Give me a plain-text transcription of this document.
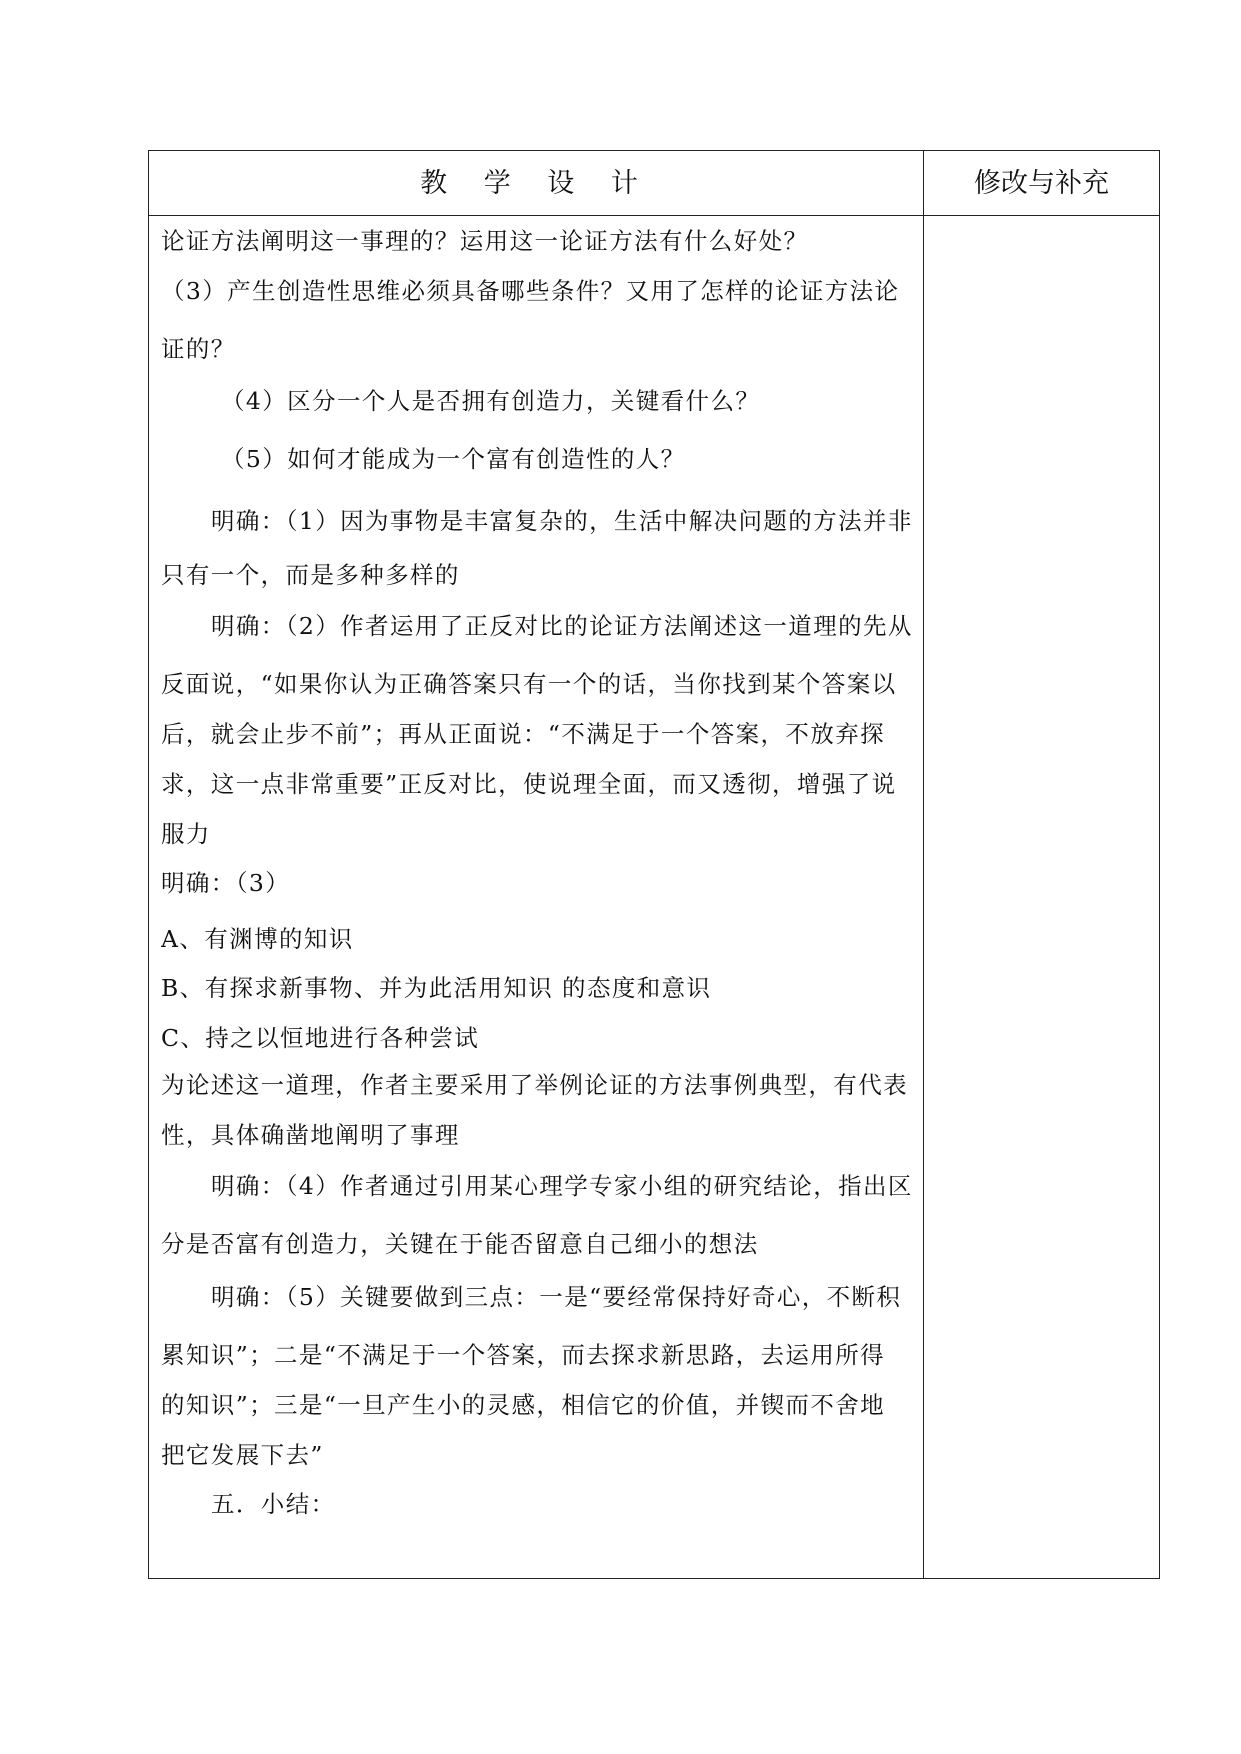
教 学 设 计	修改与补充
论证方法阐明这一事理的？运用这一论证方法有什么好处？
（3）产生创造性思维必须具备哪些条件？又用了怎样的论证方法论
证的？
（4）区分一个人是否拥有创造力，关键看什么？
（5）如何才能成为一个富有创造性的人？
明确：（1）因为事物是丰富复杂的，生活中解决问题的方法并非
只有一个，而是多种多样的
明确：（2）作者运用了正反对比的论证方法阐述这一道理的先从
反面说，“如果你认为正确答案只有一个的话，当你找到某个答案以
后，就会止步不前”；再从正面说：“不满足于一个答案，不放弃探
求，这一点非常重要”正反对比，使说理全面，而又透彻，增强了说
服力
明确：（3）
A、有渊博的知识
B、有探求新事物、并为此活用知识 的态度和意识
C、持之以恒地进行各种尝试
为论述这一道理，作者主要采用了举例论证的方法事例典型，有代表
性，具体确凿地阐明了事理
明确：（4）作者通过引用某心理学专家小组的研究结论，指出区
分是否富有创造力，关键在于能否留意自己细小的想法
明确：（5）关键要做到三点：一是“要经常保持好奇心，不断积
累知识”；二是“不满足于一个答案，而去探求新思路，去运用所得
的知识”；三是“一旦产生小的灵感，相信它的价值，并锲而不舍地
把它发展下去”
五．小结：
